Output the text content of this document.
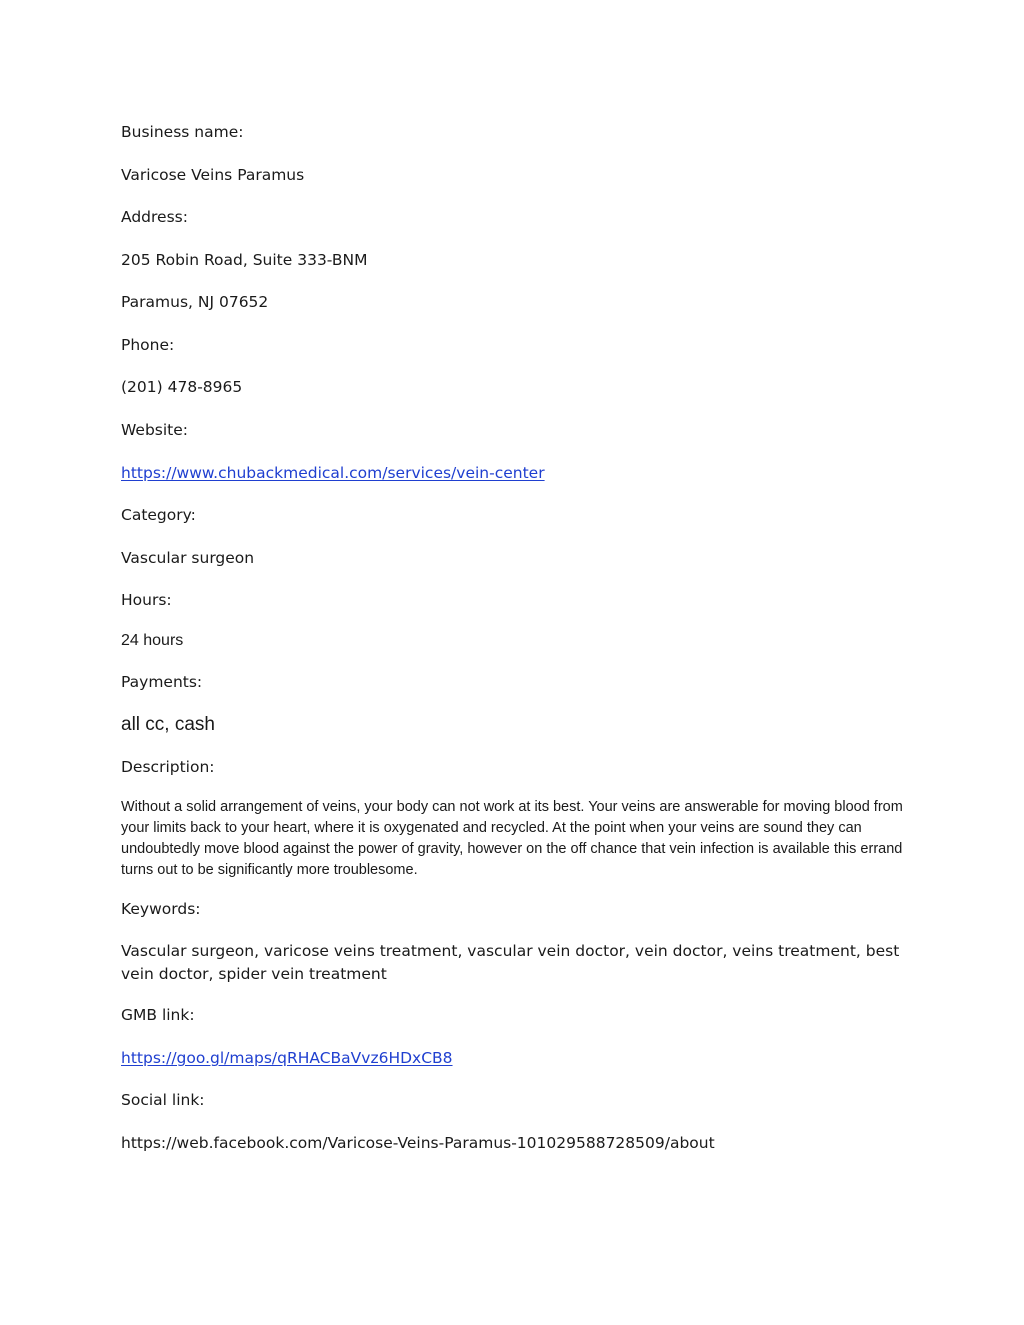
Business name:

Varicose Veins Paramus

Address:

205 Robin Road, Suite 333-BNM

Paramus, NJ 07652

Phone:

(201) 478-8965

Website:

https://www.chubackmedical.com/services/vein-center

Category:

Vascular surgeon

Hours:

24 hours

Payments:

all cc, cash

Description:

Without a solid arrangement of veins, your body can not work at its best. Your veins are answerable for moving blood from your limits back to your heart, where it is oxygenated and recycled. At the point when your veins are sound they can undoubtedly move blood against the power of gravity, however on the off chance that vein infection is available this errand turns out to be significantly more troublesome.

Keywords:

Vascular surgeon, varicose veins treatment, vascular vein doctor, vein doctor, veins treatment, best vein doctor, spider vein treatment

GMB link:

https://goo.gl/maps/qRHACBaVvz6HDxCB8

Social link:

https://web.facebook.com/Varicose-Veins-Paramus-101029588728509/about
